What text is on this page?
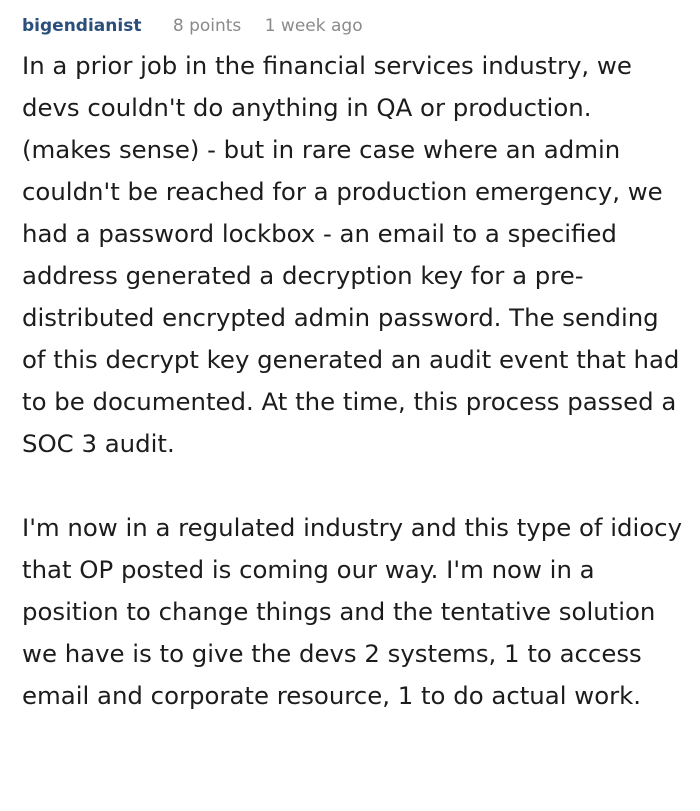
bigendianist 8 points 1 week ago

In a prior job in the financial services industry, we devs couldn't do anything in QA or production. (makes sense) - but in rare case where an admin couldn't be reached for a production emergency, we had a password lockbox - an email to a specified address generated a decryption key for a pre-distributed encrypted admin password. The sending of this decrypt key generated an audit event that had to be documented. At the time, this process passed a SOC 3 audit.

I'm now in a regulated industry and this type of idiocy that OP posted is coming our way. I'm now in a position to change things and the tentative solution we have is to give the devs 2 systems, 1 to access email and corporate resource, 1 to do actual work.
